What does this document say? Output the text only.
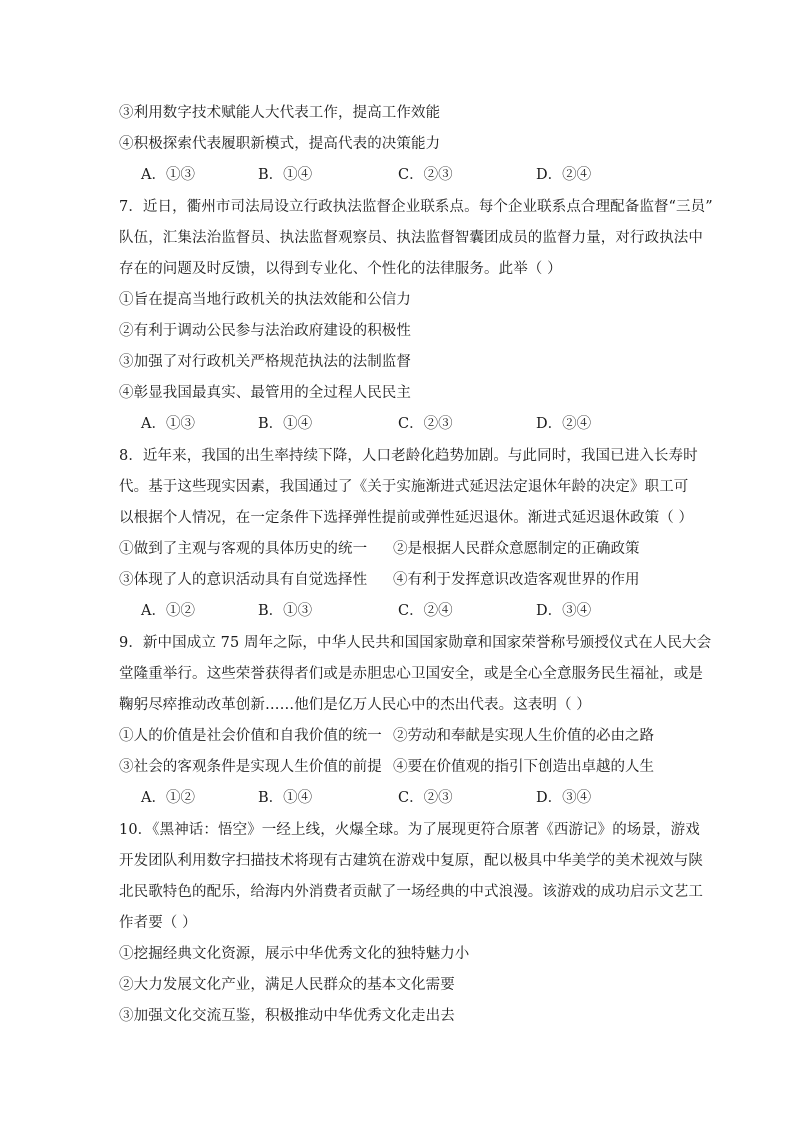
③利用数字技术赋能人大代表工作，提高工作效能
④积极探索代表履职新模式，提高代表的决策能力
A．①③	B．①④	C．②③	D．②④
7．近日，衢州市司法局设立行政执法监督企业联系点。每个企业联系点合理配备监督“三员”
队伍，汇集法治监督员、执法监督观察员、执法监督智囊团成员的监督力量，对行政执法中
存在的问题及时反馈，以得到专业化、个性化的法律服务。此举（ ）
①旨在提高当地行政机关的执法效能和公信力
②有利于调动公民参与法治政府建设的积极性
③加强了对行政机关严格规范执法的法制监督
④彰显我国最真实、最管用的全过程人民民主
A．①③	B．①④	C．②③	D．②④
8．近年来，我国的出生率持续下降，人口老龄化趋势加剧。与此同时，我国已进入长寿时
代。基于这些现实因素，我国通过了《关于实施渐进式延迟法定退休年龄的决定》职工可
以根据个人情况，在一定条件下选择弹性提前或弹性延迟退休。渐进式延迟退休政策（ ）
①做到了主观与客观的具体历史的统一 ②是根据人民群众意愿制定的正确政策
③体现了人的意识活动具有自觉选择性 ④有利于发挥意识改造客观世界的作用
A．①②	B．①③	C．②④	D．③④
9．新中国成立 75 周年之际，中华人民共和国国家勋章和国家荣誉称号颁授仪式在人民大会
堂隆重举行。这些荣誉获得者们或是赤胆忠心卫国安全，或是全心全意服务民生福祉，或是
鞠躬尽瘁推动改革创新……他们是亿万人民心中的杰出代表。这表明（ ）
①人的价值是社会价值和自我价值的统一 ②劳动和奉献是实现人生价值的必由之路
③社会的客观条件是实现人生价值的前提 ④要在价值观的指引下创造出卓越的人生
A．①②	B．①④	C．②③	D．③④
10．《黑神话：悟空》一经上线，火爆全球。为了展现更符合原著《西游记》的场景，游戏
开发团队利用数字扫描技术将现有古建筑在游戏中复原，配以极具中华美学的美术视效与陕
北民歌特色的配乐，给海内外消费者贡献了一场经典的中式浪漫。该游戏的成功启示文艺工
作者要（ ）
①挖掘经典文化资源，展示中华优秀文化的独特魅力小
②大力发展文化产业，满足人民群众的基本文化需要
③加强文化交流互鉴，积极推动中华优秀文化走出去
